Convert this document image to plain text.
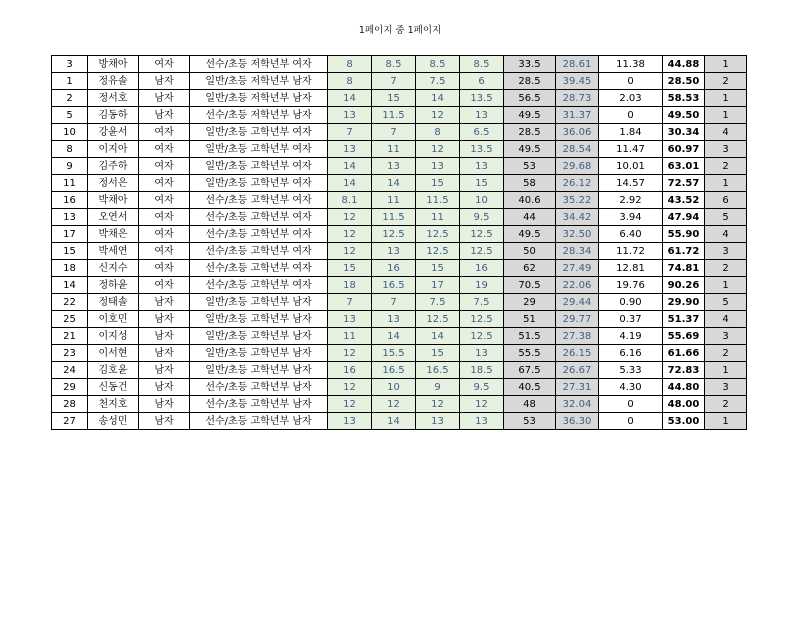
1페이지 중 1페이지
3	방채아	여자	선수/초등 저학년부 여자	8	8.5	8.5	8.5	33.5	28.61	11.38	44.88	1
1	정유솔	남자	일반/초등 저학년부 남자	8	7	7.5	6	28.5	39.45	0	28.50	2
2	정서호	남자	일반/초등 저학년부 남자	14	15	14	13.5	56.5	28.73	2.03	58.53	1
5	김동하	남자	선수/초등 저학년부 남자	13	11.5	12	13	49.5	31.37	0	49.50	1
10	강윤서	여자	일반/초등 고학년부 여자	7	7	8	6.5	28.5	36.06	1.84	30.34	4
8	이지아	여자	일반/초등 고학년부 여자	13	11	12	13.5	49.5	28.54	11.47	60.97	3
9	김주하	여자	일반/초등 고학년부 여자	14	13	13	13	53	29.68	10.01	63.01	2
11	정서은	여자	일반/초등 고학년부 여자	14	14	15	15	58	26.12	14.57	72.57	1
16	박채아	여자	선수/초등 고학년부 여자	8.1	11	11.5	10	40.6	35.22	2.92	43.52	6
13	오연서	여자	선수/초등 고학년부 여자	12	11.5	11	9.5	44	34.42	3.94	47.94	5
17	박채은	여자	선수/초등 고학년부 여자	12	12.5	12.5	12.5	49.5	32.50	6.40	55.90	4
15	박세연	여자	선수/초등 고학년부 여자	12	13	12.5	12.5	50	28.34	11.72	61.72	3
18	신지수	여자	선수/초등 고학년부 여자	15	16	15	16	62	27.49	12.81	74.81	2
14	정하윤	여자	선수/초등 고학년부 여자	18	16.5	17	19	70.5	22.06	19.76	90.26	1
22	정태솔	남자	일반/초등 고학년부 남자	7	7	7.5	7.5	29	29.44	0.90	29.90	5
25	이호민	남자	일반/초등 고학년부 남자	13	13	12.5	12.5	51	29.77	0.37	51.37	4
21	이지성	남자	일반/초등 고학년부 남자	11	14	14	12.5	51.5	27.38	4.19	55.69	3
23	이서현	남자	일반/초등 고학년부 남자	12	15.5	15	13	55.5	26.15	6.16	61.66	2
24	김호윤	남자	일반/초등 고학년부 남자	16	16.5	16.5	18.5	67.5	26.67	5.33	72.83	1
29	신동건	남자	선수/초등 고학년부 남자	12	10	9	9.5	40.5	27.31	4.30	44.80	3
28	천지호	남자	선수/초등 고학년부 남자	12	12	12	12	48	32.04	0	48.00	2
27	송성민	남자	선수/초등 고학년부 남자	13	14	13	13	53	36.30	0	53.00	1
